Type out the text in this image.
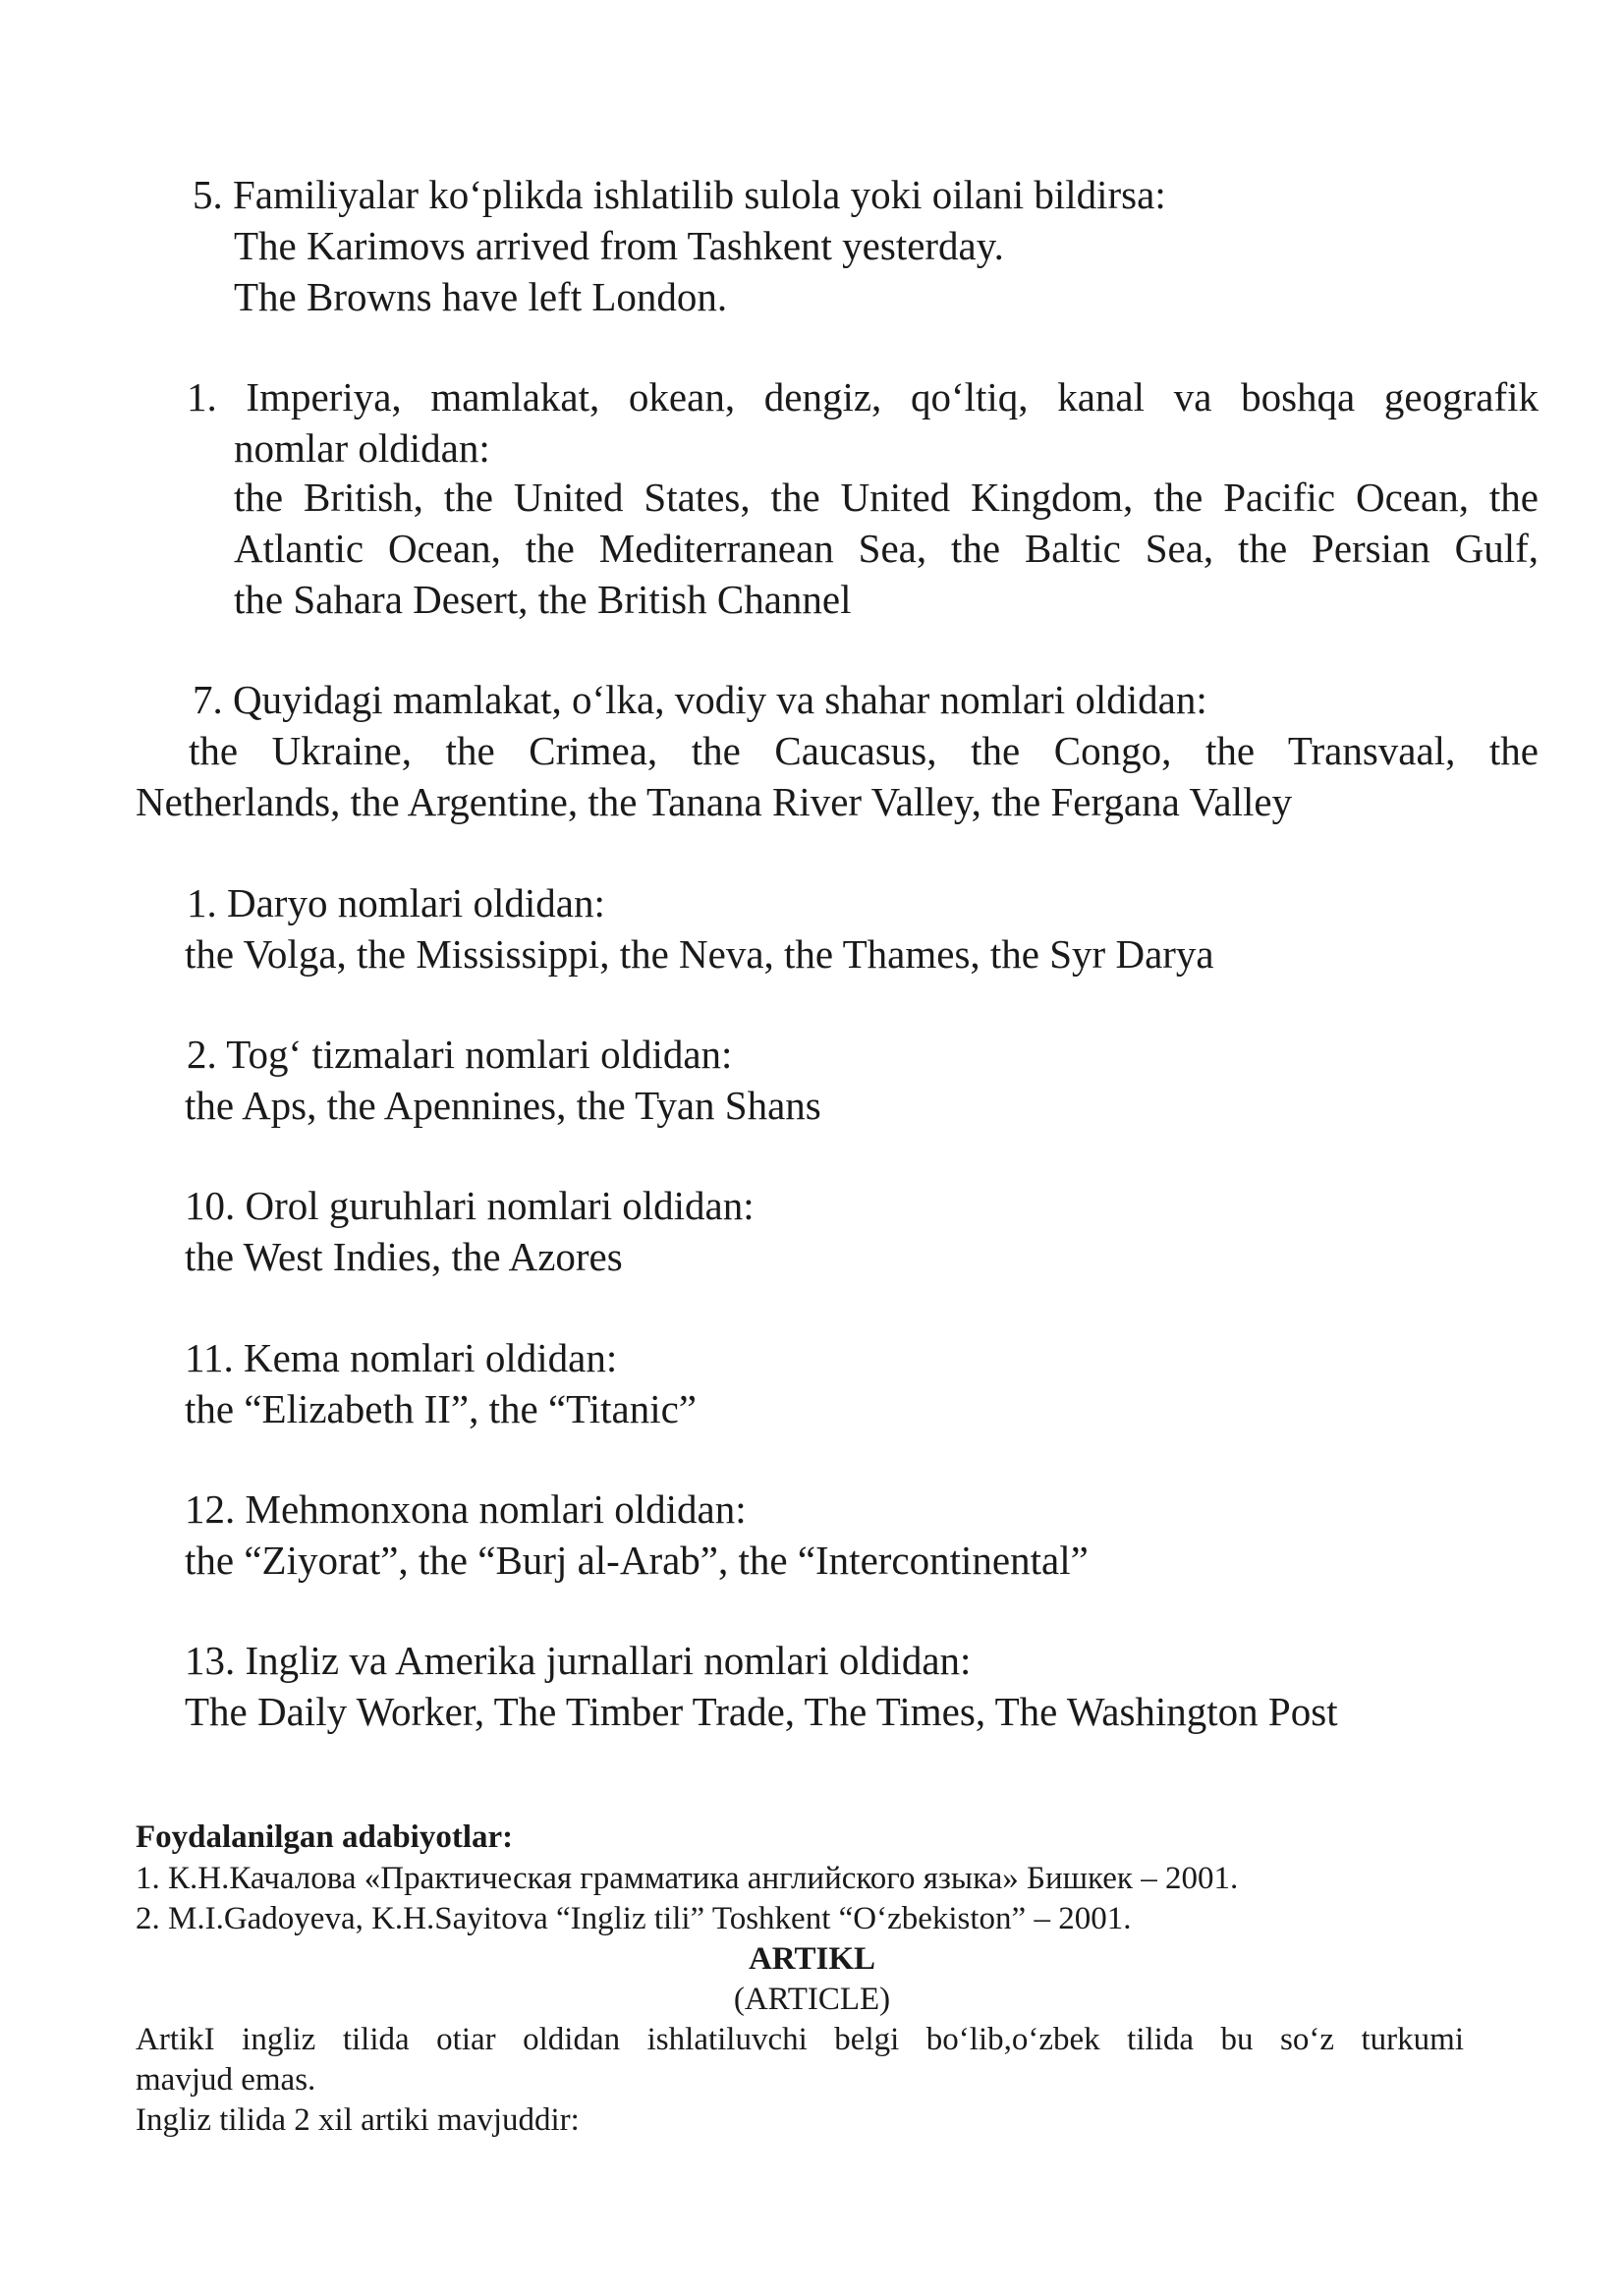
5. Familiyalar ko‘plikda ishlatilib sulola yoki oilani bildirsa:
The Karimovs arrived from Tashkent yesterday.
The Browns have left London.
1. Imperiya, mamlakat, okean, dengiz, qo‘ltiq, kanal va boshqa geografik
nomlar oldidan:
the British, the United States, the United Kingdom, the Pacific Ocean, the
Atlantic Ocean, the Mediterranean Sea, the Baltic Sea, the Persian Gulf,
the Sahara Desert, the British Channel
7. Quyidagi mamlakat, o‘lka, vodiy va shahar nomlari oldidan:
the Ukraine, the Crimea, the Caucasus, the Congo, the Transvaal, the
Netherlands, the Argentine, the Tanana River Valley, the Fergana Valley
1. Daryo nomlari oldidan:
the Volga, the Mississippi, the Neva, the Thames, the Syr Darya
2. Tog‘ tizmalari nomlari oldidan:
the Aps, the Apennines, the Tyan Shans
10. Orol guruhlari nomlari oldidan:
the West Indies, the Azores
11. Kema nomlari oldidan:
the “Elizabeth II”, the “Titanic”
12. Mehmonxona nomlari oldidan:
the “Ziyorat”, the “Burj al-Arab”, the “Intercontinental”
13. Ingliz va Amerika jurnallari nomlari oldidan:
The Daily Worker, The Timber Trade, The Times, The Washington Post
Foydalanilgan adabiyotlar:
1. К.Н.Качалова «Практическая грамматика английского языка» Бишкек – 2001.
2. M.I.Gadoyeva, K.H.Sayitova “Ingliz tili” Toshkent “O‘zbekiston” – 2001.
ARTIKL
(ARTICLE)
ArtikI ingliz tilida otiar oldidan ishlatiluvchi belgi bo‘lib,o‘zbek tilida bu so‘z turkumi
mavjud emas.
Ingliz tilida 2 xil artiki mavjuddir:
